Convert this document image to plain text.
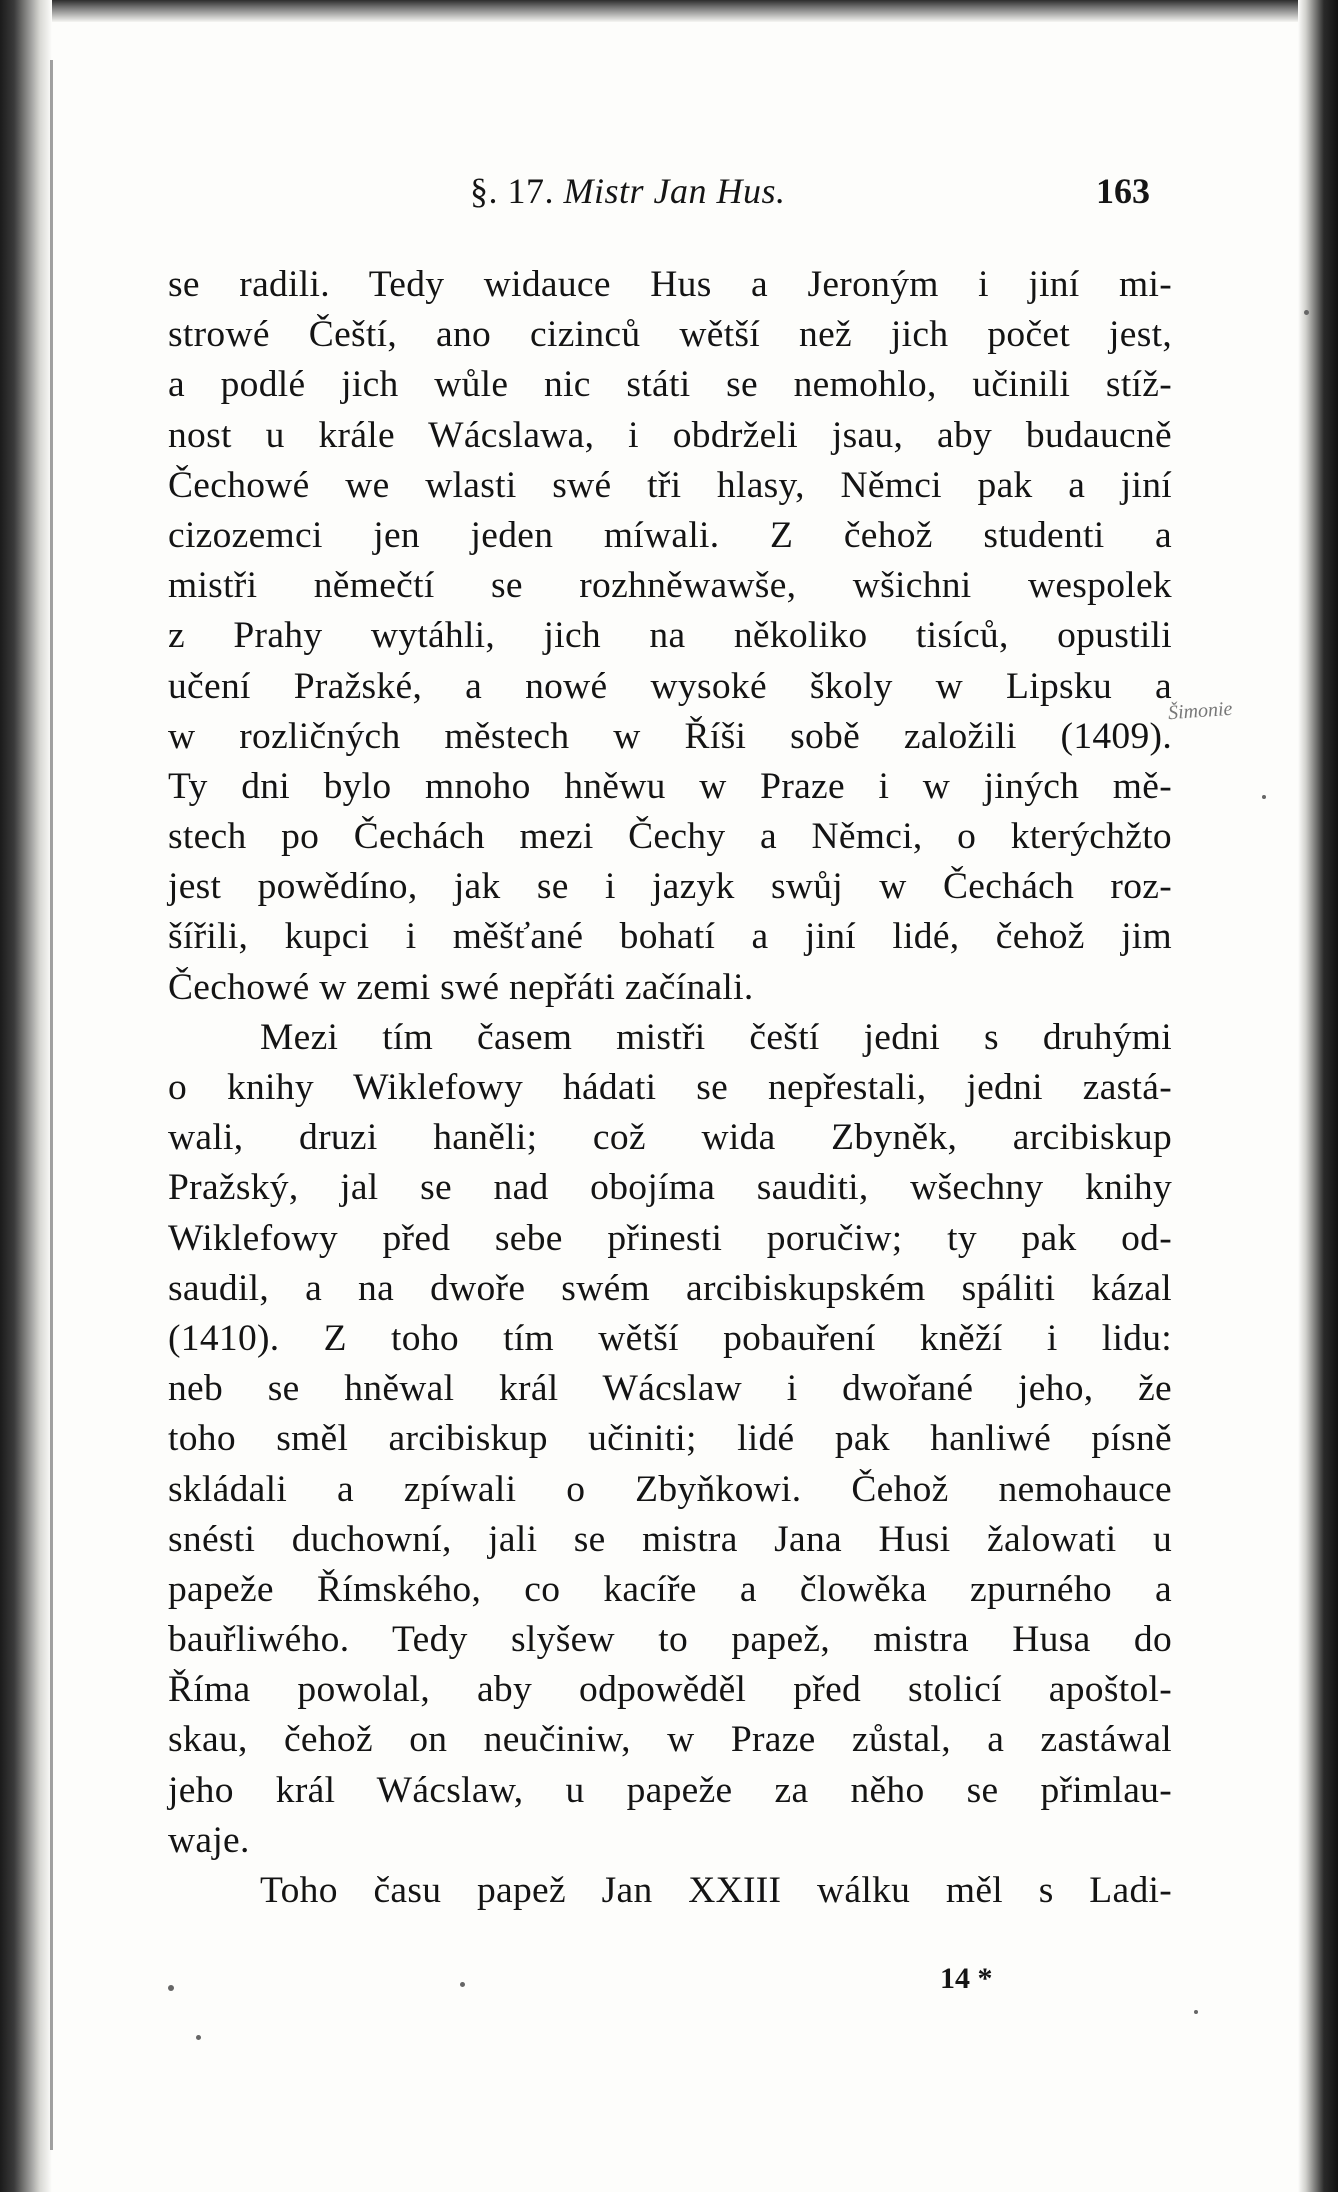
§. 17. Mistr Jan Hus.	163
se radili. Tedy widauce Hus a Jeroným i jiní mi-
strowé Čeští, ano cizinců wětší než jich počet jest,
a podlé jich wůle nic státi se nemohlo, učinili stíž-
nost u krále Wácslawa, i obdrželi jsau, aby budaucně
Čechowé we wlasti swé tři hlasy, Němci pak a jiní
cizozemci jen jeden míwali. Z čehož studenti a
mistři němečtí se rozhněwawše, wšichni wespolek
z Prahy wytáhli, jich na několiko tisíců, opustili
učení Pražské, a nowé wysoké školy w Lipsku a
w rozličných městech w Říši sobě založili (1409).
Ty dni bylo mnoho hněwu w Praze i w jiných mě-
stech po Čechách mezi Čechy a Němci, o kterýchžto
jest powědíno, jak se i jazyk swůj w Čechách roz-
šířili, kupci i měšťané bohatí a jiní lidé, čehož jim
Čechowé w zemi swé nepřáti začínali.
Mezi tím časem mistři čeští jedni s druhými
o knihy Wiklefowy hádati se nepřestali, jedni zastá-
wali, druzi haněli; což wida Zbyněk, arcibiskup
Pražský, jal se nad obojíma sauditi, wšechny knihy
Wiklefowy před sebe přinesti poručiw; ty pak od-
saudil, a na dwoře swém arcibiskupském spáliti kázal
(1410). Z toho tím wětší pobauření kněží i lidu:
neb se hněwal král Wácslaw i dwořané jeho, že
toho směl arcibiskup učiniti; lidé pak hanliwé písně
skládali a zpíwali o Zbyňkowi. Čehož nemohauce
snésti duchowní, jali se mistra Jana Husi žalowati u
papeže Římského, co kacíře a člowěka zpurného a
bauřliwého. Tedy slyšew to papež, mistra Husa do
Říma powolal, aby odpowěděl před stolicí apoštol-
skau, čehož on neučiniw, w Praze zůstal, a zastáwal
jeho král Wácslaw, u papeže za něho se přimlau-
waje.
Toho času papež Jan XXIII wálku měl s Ladi-
Šimonie
14 *
